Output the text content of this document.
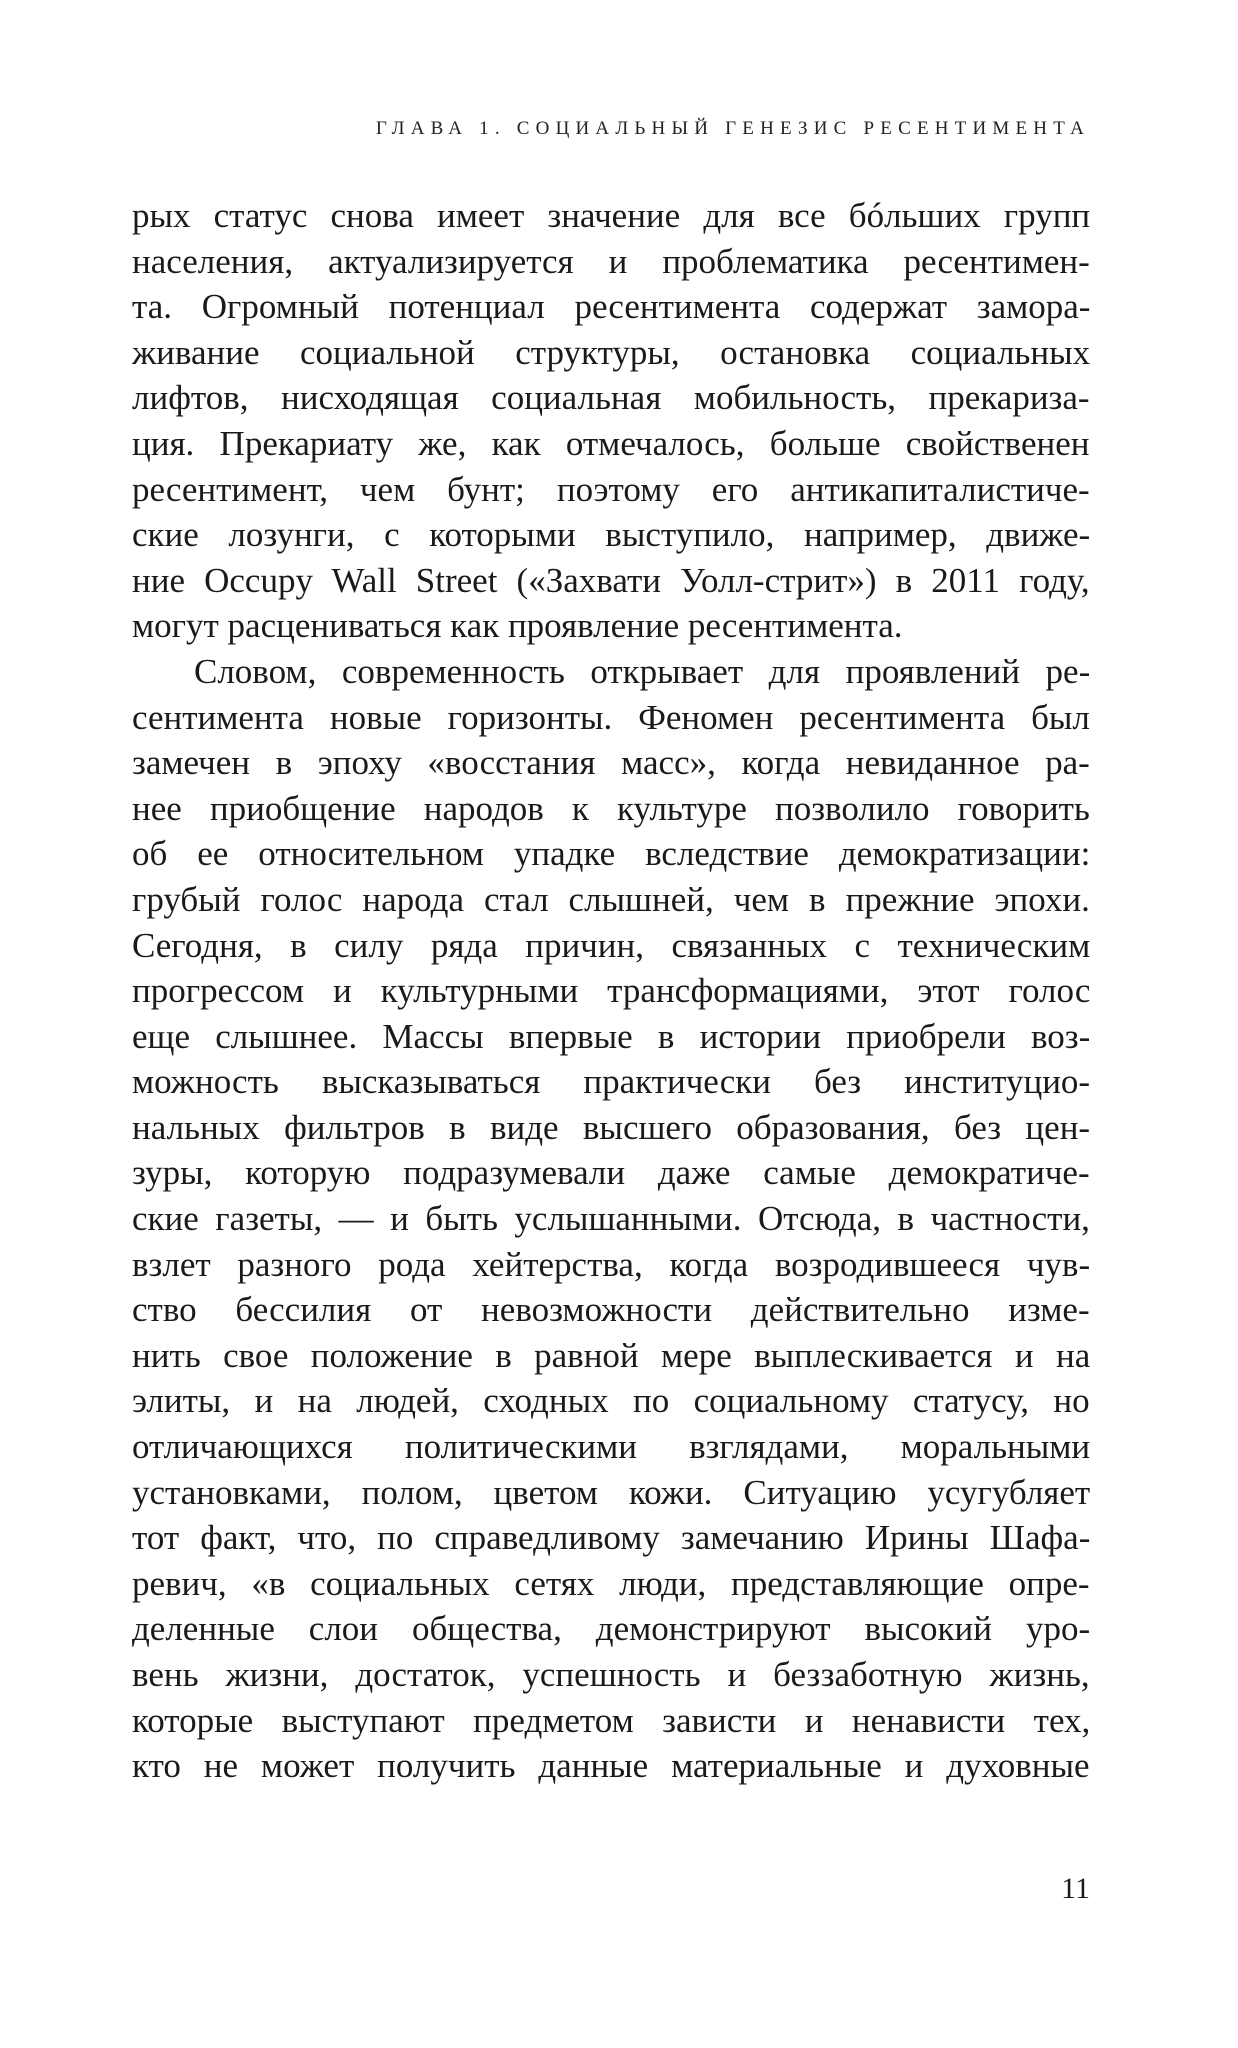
ГЛАВА 1. СОЦИАЛЬНЫЙ ГЕНЕЗИС РЕСЕНТИМЕНТА
рых статус снова имеет значение для все бóльших групп
населения, актуализируется и проблематика ресентимен-
та. Огромный потенциал ресентимента содержат замора-
живание социальной структуры, остановка социальных
лифтов, нисходящая социальная мобильность, прекариза-
ция. Прекариату же, как отмечалось, больше свойственен
ресентимент, чем бунт; поэтому его антикапиталистиче-
ские лозунги, с которыми выступило, например, движе-
ние Occupy Wall Street («Захвати Уолл-стрит») в 2011 году,
могут расцениваться как проявление ресентимента.
Словом, современность открывает для проявлений ре-
сентимента новые горизонты. Феномен ресентимента был
замечен в эпоху «восстания масс», когда невиданное ра-
нее приобщение народов к культуре позволило говорить
об ее относительном упадке вследствие демократизации:
грубый голос народа стал слышней, чем в прежние эпохи.
Сегодня, в силу ряда причин, связанных с техническим
прогрессом и культурными трансформациями, этот голос
еще слышнее. Массы впервые в истории приобрели воз-
можность высказываться практически без институцио-
нальных фильтров в виде высшего образования, без цен-
зуры, которую подразумевали даже самые демократиче-
ские газеты, — и быть услышанными. Отсюда, в частности,
взлет разного рода хейтерства, когда возродившееся чув-
ство бессилия от невозможности действительно изме-
нить свое положение в равной мере выплескивается и на
элиты, и на людей, сходных по социальному статусу, но
отличающихся политическими взглядами, моральными
установками, полом, цветом кожи. Ситуацию усугубляет
тот факт, что, по справедливому замечанию Ирины Шафа-
ревич, «в социальных сетях люди, представляющие опре-
деленные слои общества, демонстрируют высокий уро-
вень жизни, достаток, успешность и беззаботную жизнь,
которые выступают предметом зависти и ненависти тех,
кто не может получить данные материальные и духовные
11
